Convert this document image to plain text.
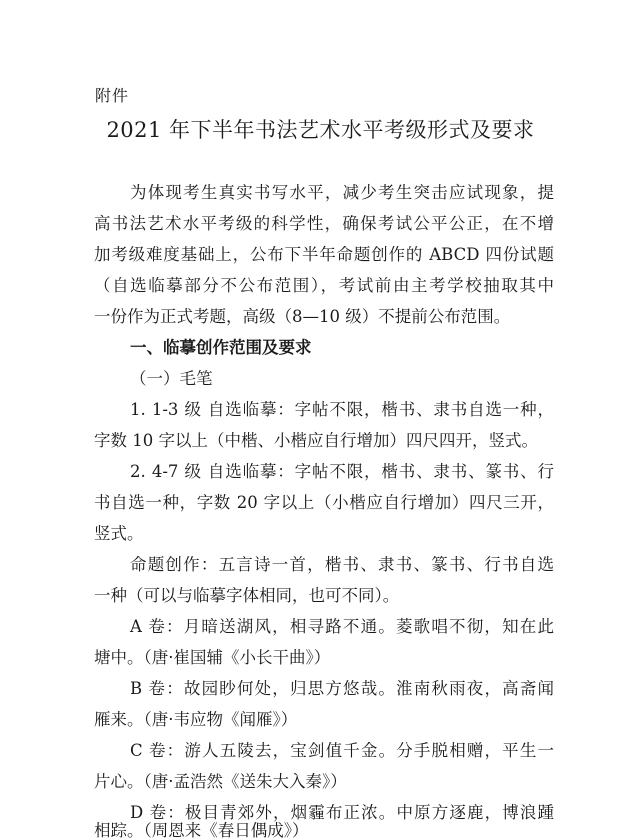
附件
2021 年下半年书法艺术水平考级形式及要求
为体现考生真实书写水平，减少考生突击应试现象，提
高书法艺术水平考级的科学性，确保考试公平公正，在不增
加考级难度基础上，公布下半年命题创作的 ABCD 四份试题
（自选临摹部分不公布范围），考试前由主考学校抽取其中
一份作为正式考题，高级（8—10 级）不提前公布范围。
一、临摹创作范围及要求
（一）毛笔
1. 1-3 级 自选临摹：字帖不限，楷书、隶书自选一种，
字数 10 字以上（中楷、小楷应自行增加）四尺四开，竖式。
2. 4-7 级 自选临摹：字帖不限，楷书、隶书、篆书、行
书自选一种，字数 20 字以上（小楷应自行增加）四尺三开，
竖式。
命题创作：五言诗一首，楷书、隶书、篆书、行书自选
一种（可以与临摹字体相同，也可不同）。
A 卷：月暗送湖风，相寻路不通。菱歌唱不彻，知在此
塘中。（唐·崔国辅《小长干曲》）
B 卷：故园眇何处，归思方悠哉。淮南秋雨夜，高斋闻
雁来。（唐·韦应物《闻雁》）
C 卷：游人五陵去，宝剑值千金。分手脱相赠，平生一
片心。（唐·孟浩然《送朱大入秦》）
D 卷：极目青郊外，烟霾布正浓。中原方逐鹿，博浪踵
相踪。（周恩来《春日偶成》）
